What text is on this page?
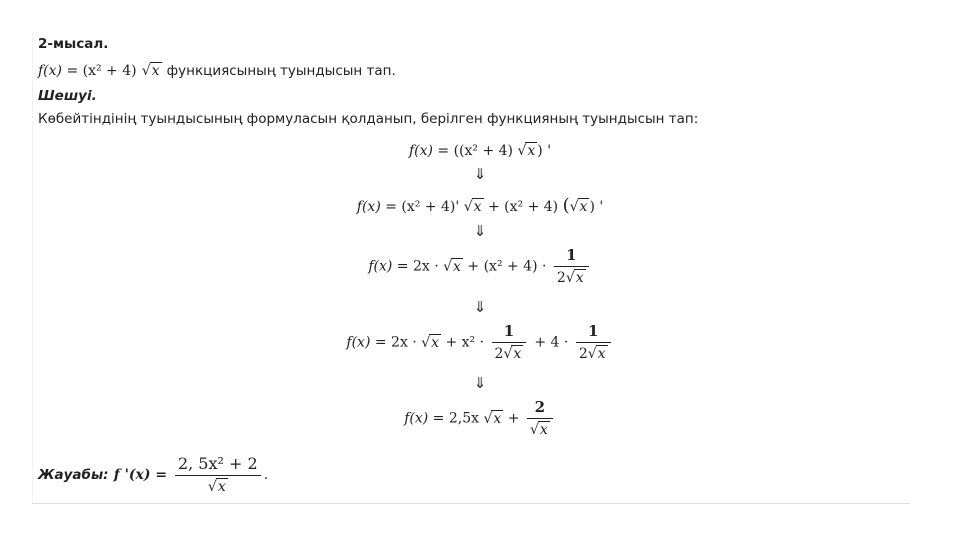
2-мысал.
f(x) = (x² + 4) √x функциясының туындысын тап.
Шешуі.
Көбейтіндінің туындысының формуласын қолданып, берілген функцияның туындысын тап:
f(x) = ((x² + 4) √x ) '
⇓
f(x) = (x² + 4)' √x + (x² + 4) (√x ) '
⇓
$f(x) = 2x \cdot √x + (x^2 + 4) \cdot \frac{1}{2√x}$
⇓
$f(x) = 2x \cdot √x + x^2 \cdot \frac{1}{2√x} + 4 \cdot \frac{1}{2√x}$
⇓
f(x) = 2,5x $√x + \frac{2}{√x}$
Жауабы: f '$(x) = \frac{\text{2, 5x² + 2}}{√x}$ .
